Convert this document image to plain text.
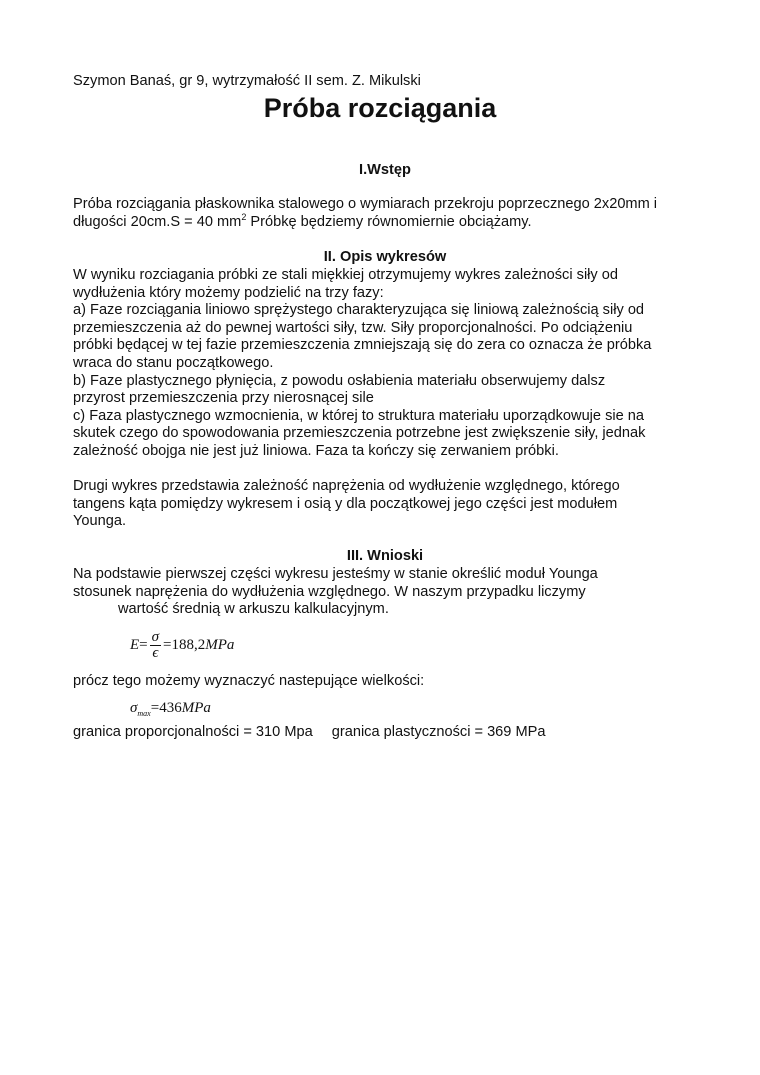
Szymon Banaś, gr 9, wytrzymałość II sem. Z. Mikulski
Próba rozciągania
I.Wstęp
Próba rozciągania płaskownika stalowego o wymiarach przekroju poprzecznego 2x20mm i
długości 20cm.S = 40 $mm^2$ Próbkę będziemy równomiernie obciążamy.
II. Opis wykresów
W wyniku rozciagania próbki ze stali miękkiej otrzymujemy wykres zależności siły od
wydłużenia który możemy podzielić na trzy fazy:
a) Faze rozciągania liniowo sprężystego charakteryzująca się liniową zależnością siły od
przemieszczenia aż do pewnej wartości siły, tzw. Siły proporcjonalności. Po odciążeniu
próbki będącej w tej fazie przemieszczenia zmniejszają się do zera co oznacza że próbka
wraca do stanu początkowego.
b) Faze plastycznego płynięcia, z powodu osłabienia materiału obserwujemy dalsz
przyrost przemieszczenia przy nierosnącej sile
c) Faza plastycznego wzmocnienia, w której to struktura materiału uporządkowuje sie na
skutek czego do spowodowania przemieszczenia potrzebne jest zwiększenie siły, jednak
zależność obojga nie jest już liniowa. Faza ta kończy się zerwaniem próbki.
Drugi wykres przedstawia zależność naprężenia od wydłużenie względnego, którego
tangens kąta pomiędzy wykresem i osią y dla początkowej jego części jest modułem
Younga.
III. Wnioski
Na podstawie pierwszej części wykresu jesteśmy w stanie określić moduł Younga
stosunek naprężenia do wydłużenia względnego. W naszym przypadku liczymy
wartość średnią w arkuszu kalkulacyjnym.
$E= \frac{\sigma}{\epsilon} =188,2MPa$
prócz tego możemy wyznaczyć nastepujące wielkości:
$\sigma_{max}=436MPa$
granica proporcjonalności = 310 Mpa granica plastyczności = 369 MPa
